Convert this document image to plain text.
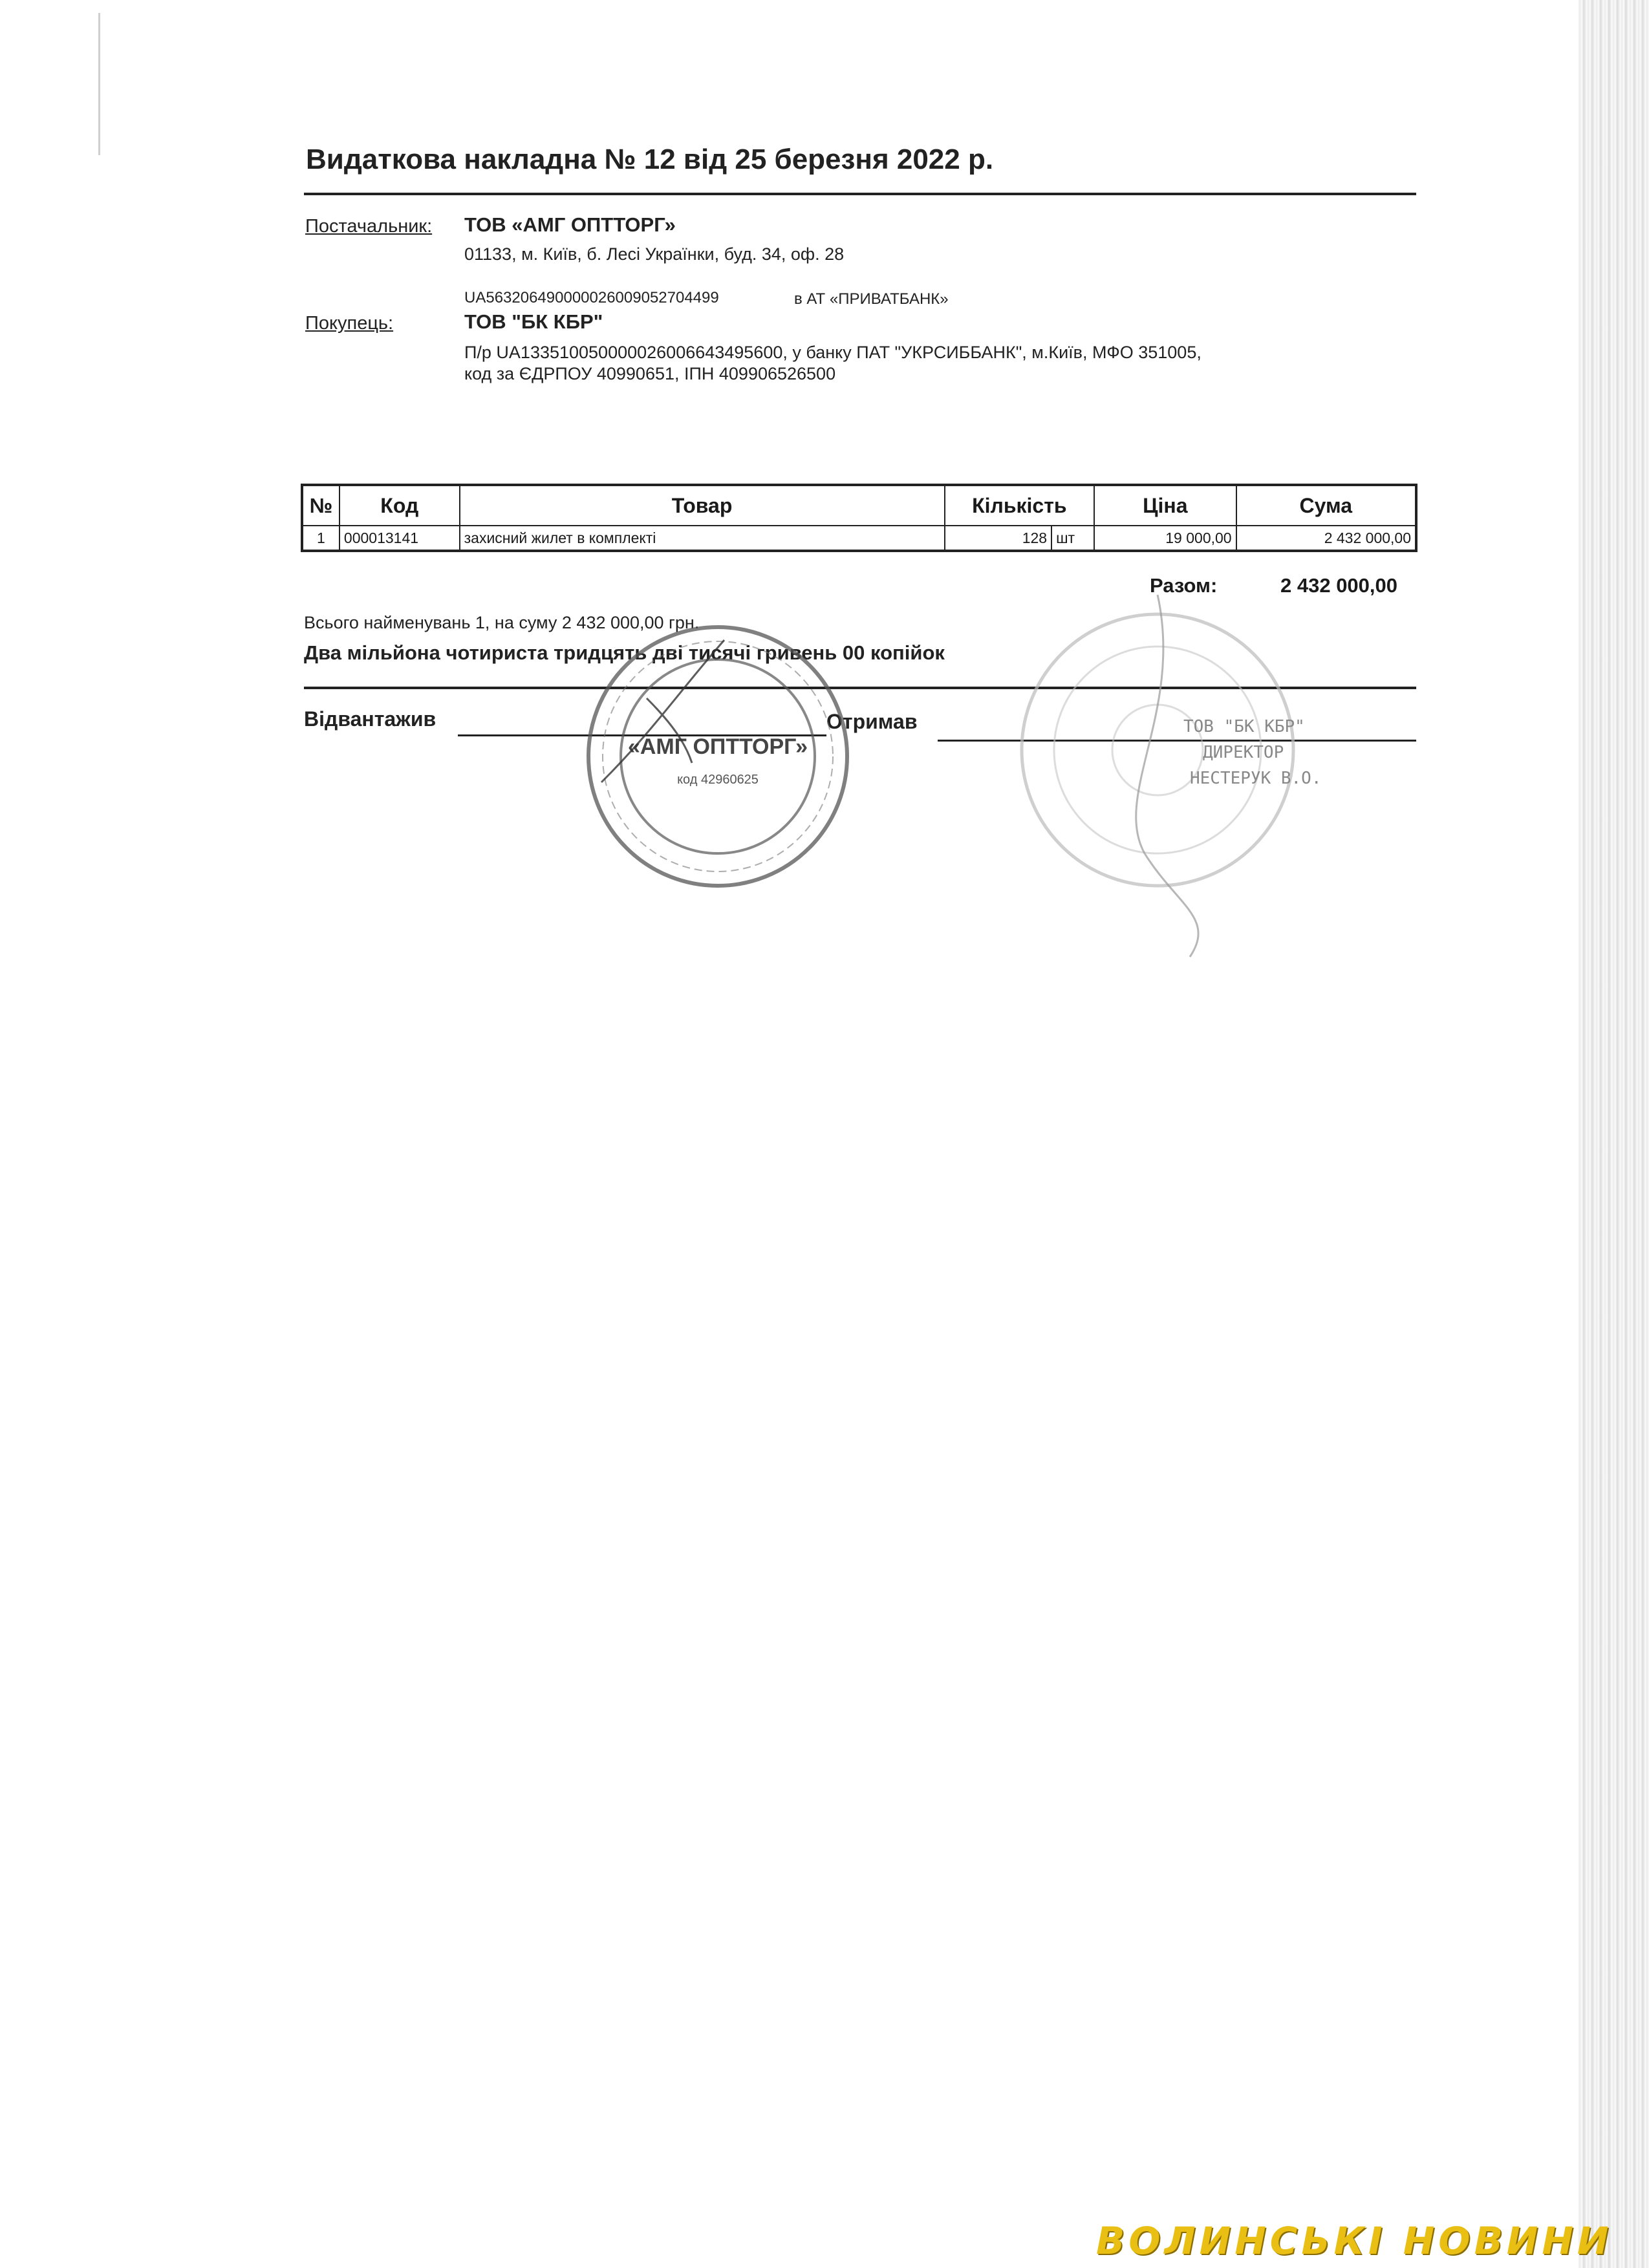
Видаткова накладна № 12 від 25 березня 2022 р.
Постачальник: ТОВ «АМГ ОПТТОРГ»
01133, м. Київ, б. Лесі Українки, буд. 34, оф. 28
UA563206490000026009052704499	в АТ «ПРИВАТБАНК»
Покупець:	ТОВ "БК КБР"
П/р UA133510050000026006643495600, у банку ПАТ "УКРСИББАНК", м.Київ, МФО 351005,
код за ЄДРПОУ 40990651, ІПН 409906526500
№	Код	Товар	Кількість	Ціна	Сума
1	000013141	захисний жилет в комплекті	128 шт	19 000,00	2 432 000,00
Разом:	2 432 000,00
Всього найменувань 1, на суму 2 432 000,00 грн.
Два мільйона чотириста тридцять дві тисячі гривень 00 копійок
Відвантажив	Отримав
«АМГ ОПТТОРГ»
код 42960625
ТОВ "БК КБР"
ДИРЕКТОР
НЕСТЕРУК В.О.
ВОЛИНСЬКІ НОВИНИ
